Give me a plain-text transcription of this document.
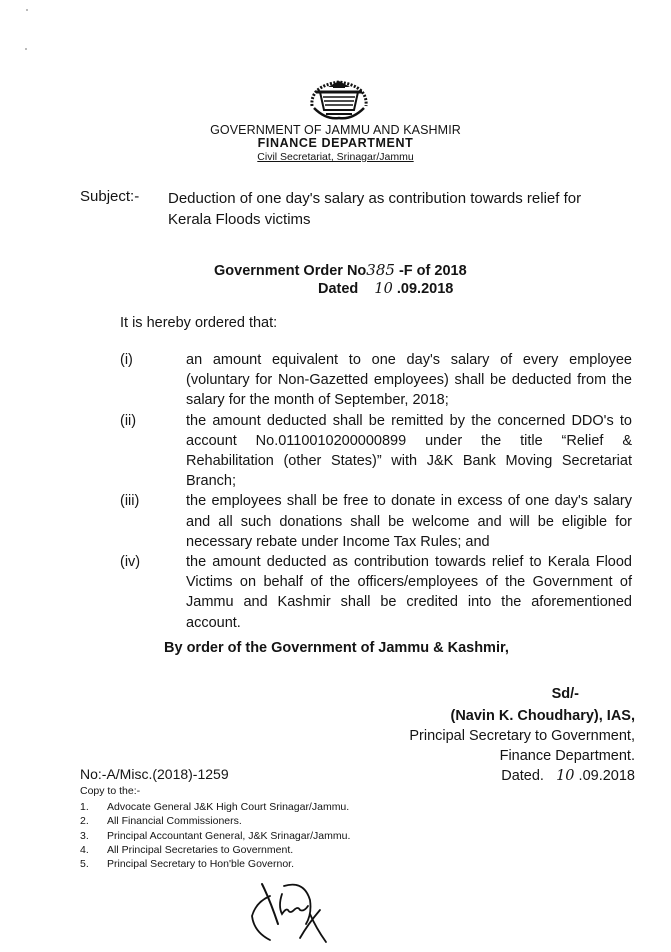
GOVERNMENT OF JAMMU AND KASHMIR
FINANCE DEPARTMENT
Civil Secretariat, Srinagar/Jammu
Subject:- Deduction of one day's salary as contribution towards relief for Kerala Floods victims
Government Order No385 -F of 2018
Dated 10 .09.2018
It is hereby ordered that:
(i)	an amount equivalent to one day's salary of every employee (voluntary for Non-Gazetted employees) shall be deducted from the salary for the month of September, 2018;
(ii)	the amount deducted shall be remitted by the concerned DDO's to account No.0110010200000899 under the title “Relief & Rehabilitation (other States)” with J&K Bank Moving Secretariat Branch;
(iii)	the employees shall be free to donate in excess of one day's salary and all such donations shall be welcome and will be eligible for necessary rebate under Income Tax Rules; and
(iv)	the amount deducted as contribution towards relief to Kerala Flood Victims on behalf of the officers/employees of the Government of Jammu and Kashmir shall be credited into the aforementioned account.
By order of the Government of Jammu & Kashmir,
Sd/-
(Navin K. Choudhary), IAS,
Principal Secretary to Government,
Finance Department.
Dated. 10 .09.2018
No:-A/Misc.(2018)-1259
Copy to the:-
1.	Advocate General J&K High Court Srinagar/Jammu.
2.	All Financial Commissioners.
3.	Principal Accountant General, J&K Srinagar/Jammu.
4.	All Principal Secretaries to Government.
5.	Principal Secretary to Hon'ble Governor.
